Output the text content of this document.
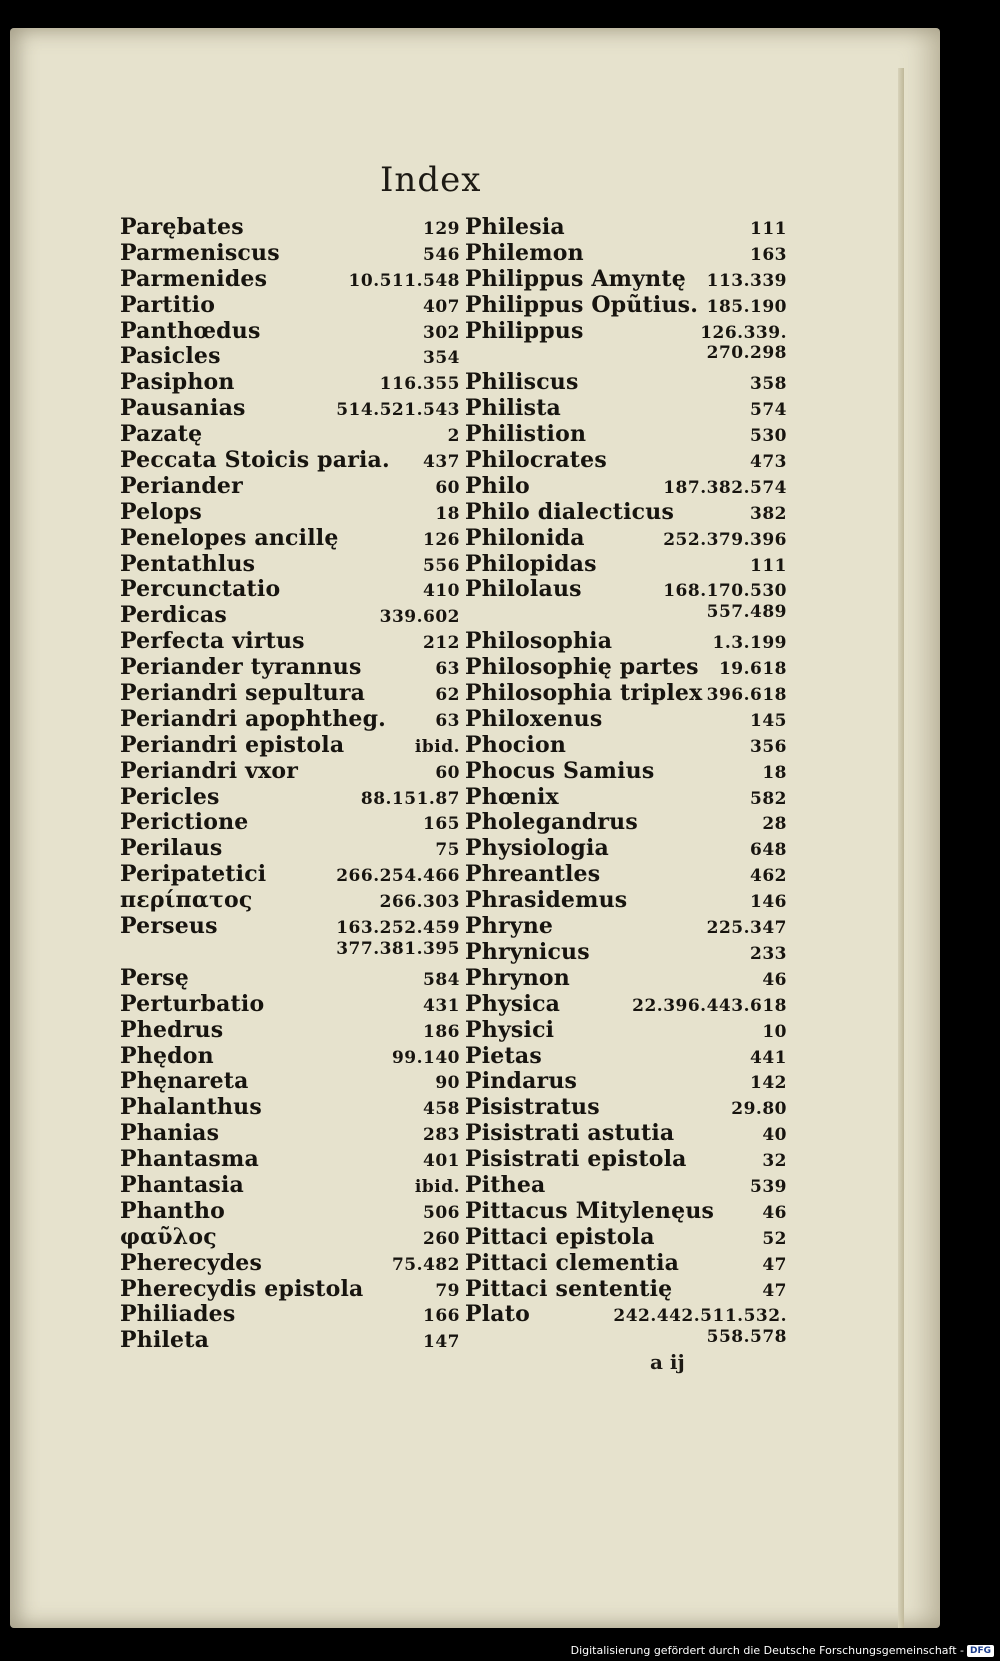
Index
Parębates	129
Parmeniscus	546
Parmenides	10.511.548
Partitio	407
Panthœdus	302
Pasicles	354
Pasiphon	116.355
Pausanias	514.521.543
Pazatę	2
Peccata Stoicis paria. 437
Periander	60
Pelops	18
Penelopes ancillę	126
Pentathlus	556
Percunctatio	410
Perdicas	339.602
Perfecta virtus	212
Periander tyrannus	63
Periandri sepultura	62
Periandri apophtheg.	63
Periandri epistola	ibid.
Periandri vxor	60
Pericles	88.151.87
Perictione	165
Perilaus	75
Peripatetici	266.254.466
περίπατος	266.303
Perseus	163.252.459
377.381.395
Persę	584
Perturbatio	431
Phedrus	186
Phędon	99.140
Phęnareta	90
Phalanthus	458
Phanias	283
Phantasma	401
Phantasia	ibid.
Phantho	506
φαῦλος	260
Pherecydes	75.482
Pherecydis epistola	79
Philiades	166
Phileta	147
Philesia	111
Philemon	163
Philippus Amyntę 113.339
Philippus Opũtius. 185.190
Philippus	126.339.
270.298
Philiscus	358
Philista	574
Philistion	530
Philocrates	473
Philo	187.382.574
Philo dialecticus	382
Philonida	252.379.396
Philopidas	111
Philolaus	168.170.530
557.489
Philosophia	1.3.199
Philosophię partes 19.618
Philosophia triplex 396.618
Philoxenus	145
Phocion	356
Phocus Samius	18
Phœnix	582
Pholegandrus	28
Physiologia	648
Phreantles	462
Phrasidemus	146
Phryne	225.347
Phrynicus	233
Phrynon	46
Physica	22.396.443.618
Physici	10
Pietas	441
Pindarus	142
Pisistratus	29.80
Pisistrati astutia	40
Pisistrati epistola	32
Pithea	539
Pittacus Mitylenęus	46
Pittaci epistola	52
Pittaci clementia	47
Pittaci sententię	47
Plato	242.442.511.532.
558.578
a ij
Digitalisierung gefördert durch die Deutsche Forschungsgemeinschaft - DFG
